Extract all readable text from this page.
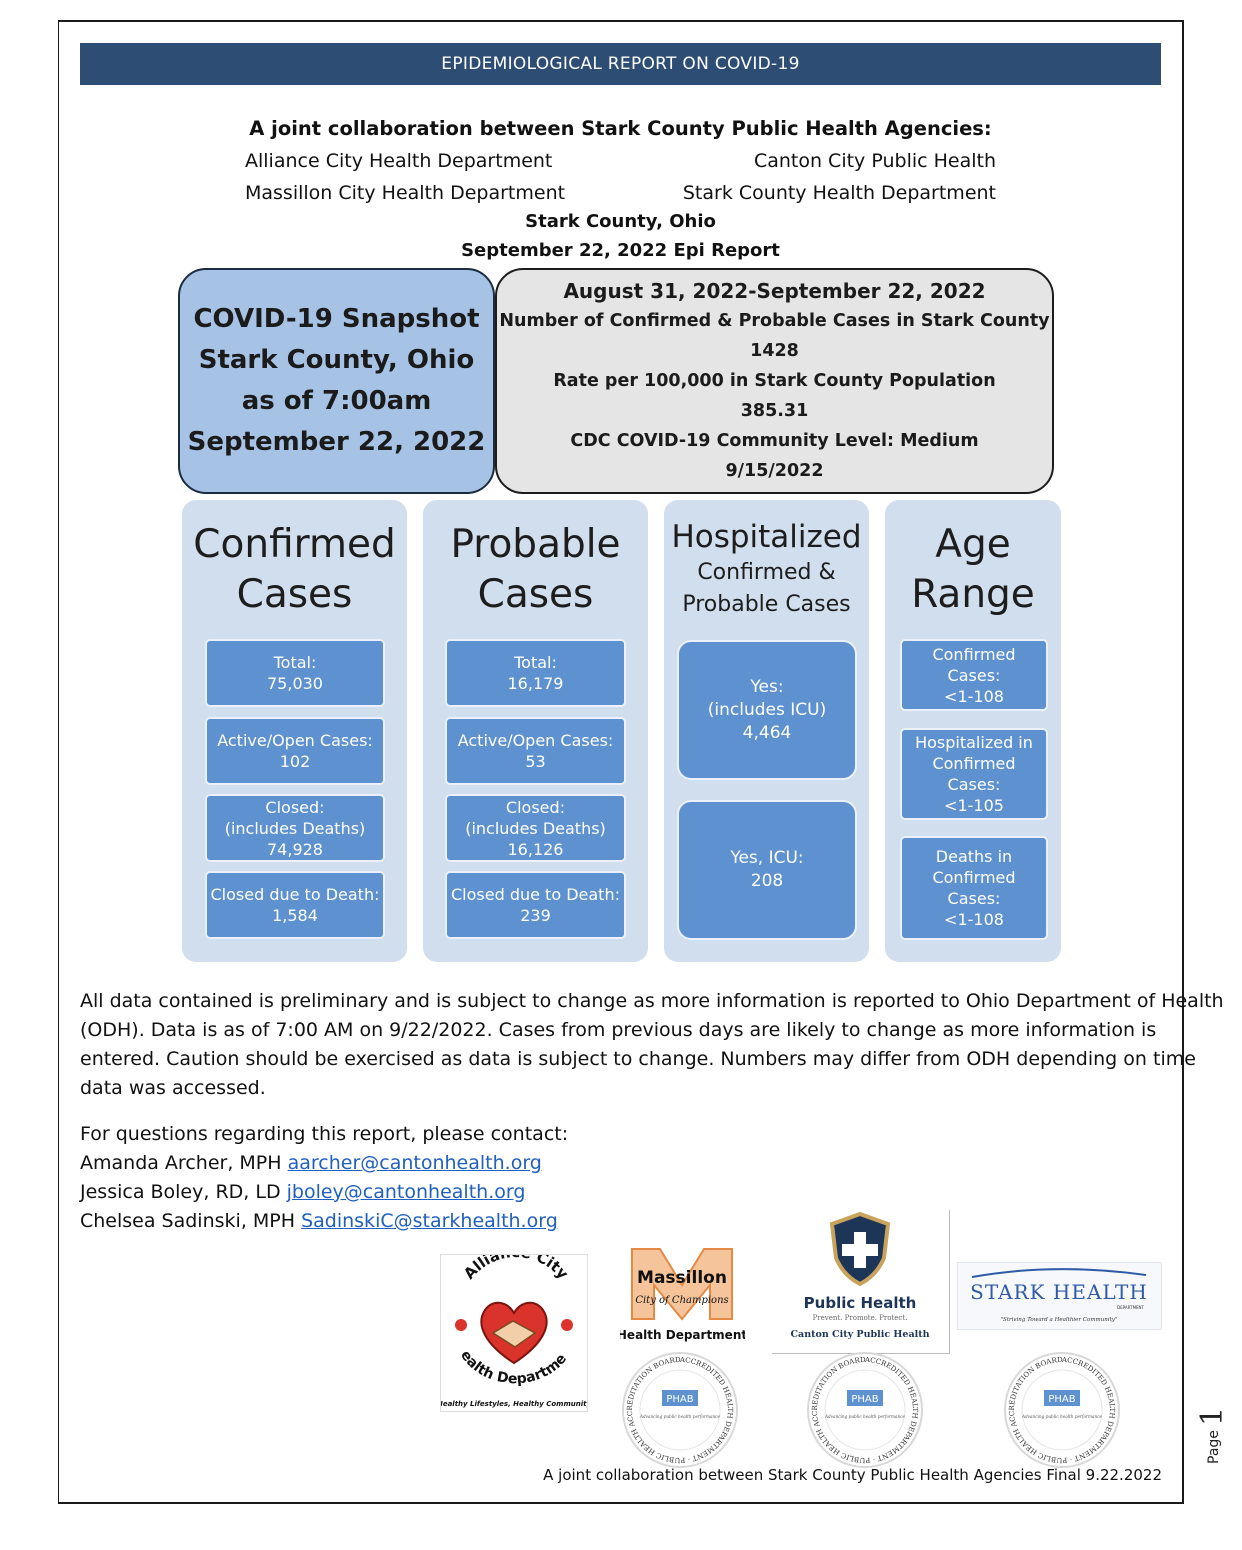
EPIDEMIOLOGICAL REPORT ON COVID-19
A joint collaboration between Stark County Public Health Agencies:
Alliance City Health Department	Canton City Public Health
Massillon City Health Department	Stark County Health Department
Stark County, Ohio
September 22, 2022 Epi Report
COVID-19 Snapshot
Stark County, Ohio
as of 7:00am
September 22, 2022
August 31, 2022-September 22, 2022
Number of Confirmed & Probable Cases in Stark County
1428
Rate per 100,000 in Stark County Population
385.31
CDC COVID-19 Community Level: Medium
9/15/2022
Confirmed
Cases
Total:
75,030
Active/Open Cases:
102
Closed:
(includes Deaths)
74,928
Closed due to Death:
1,584
Probable
Cases
Total:
16,179
Active/Open Cases:
53
Closed:
(includes Deaths)
16,126
Closed due to Death:
239
Hospitalized
Confirmed &
Probable Cases
Yes:
(includes ICU)
4,464
Yes, ICU:
208
Age
Range
Confirmed
Cases:
<1-108
Hospitalized in
Confirmed
Cases:
<1-105
Deaths in
Confirmed
Cases:
<1-108
All data contained is preliminary and is subject to change as more information is reported to Ohio Department of Health
(ODH). Data is as of 7:00 AM on 9/22/2022. Cases from previous days are likely to change as more information is
entered. Caution should be exercised as data is subject to change. Numbers may differ from ODH depending on time
data was accessed.
For questions regarding this report, please contact:
Amanda Archer, MPH aarcher@cantonhealth.org
Jessica Boley, RD, LD jboley@cantonhealth.org
Chelsea Sadinski, MPH SadinskiC@starkhealth.org
Allia City
ealth Departme
Healthy Lifestyles, Healthy Community
Massillon
City of Champions
Health Department
Public Health
Prevent. Promote. Protect.
Canton City Public Health
STARK HEALTH
DEPARTMENT
"Striving Toward a Healthier Community"
ACCREDITED HEALTH DEPARTMENT · PUBLIC HEALTH ACCREDITATION BOARD
PHAB
Advancing public health performance
ACCREDITED HEALTH DEPARTMENT · PUBLIC HEALTH ACCREDITATION BOARD
PHAB
Advancing public health performance
ACCREDITED HEALTH DEPARTMENT · PUBLIC HEALTH ACCREDITATION BOARD
PHAB
Advancing public health performance
A joint collaboration between Stark County Public Health Agencies Final 9.22.2022
Page
1
